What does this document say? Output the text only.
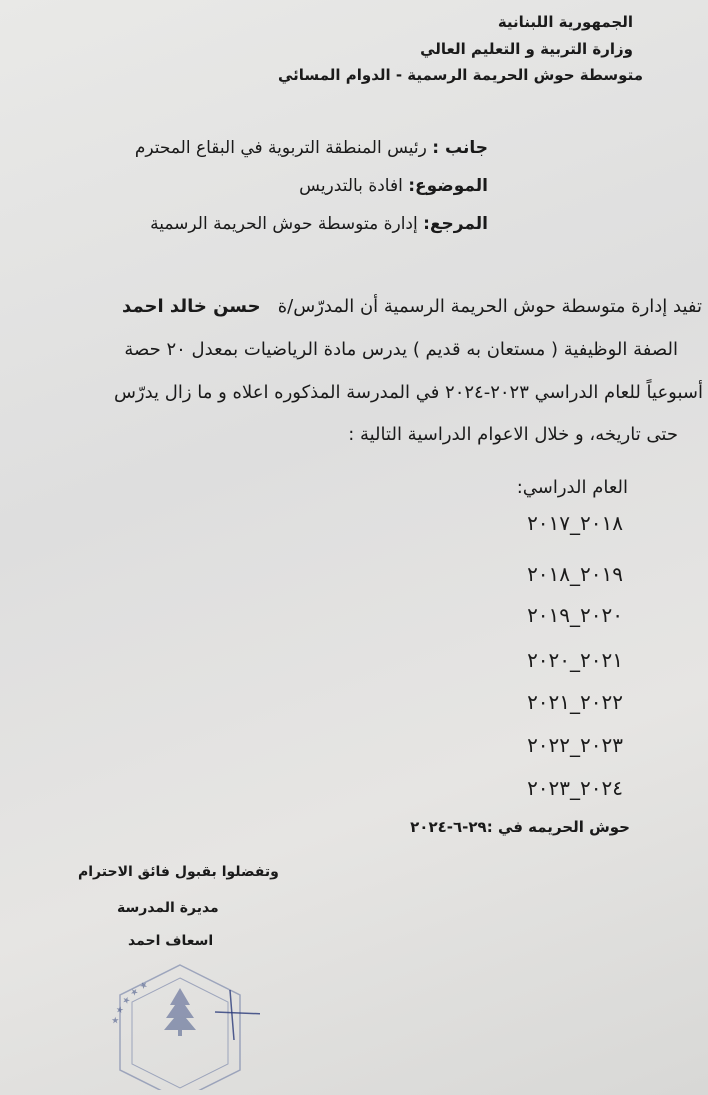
الجمهورية اللبنانية
وزارة التربية و التعليم العالي
متوسطة حوش الحريمة الرسمية - الدوام المسائي
جانب : رئيس المنطقة التربوية في البقاع المحترم
الموضوع: افادة بالتدريس
المرجع: إدارة متوسطة حوش الحريمة الرسمية
تفيد إدارة متوسطة حوش الحريمة الرسمية أن المدرّس/ة   حسن خالد احمد
الصفة الوظيفية ( مستعان به قديم ) يدرس مادة الرياضيات بمعدل ٢٠ حصة
أسبوعياً للعام الدراسي ٢٠٢٣-٢٠٢٤ في المدرسة المذكوره اعلاه و ما زال يدرّس
حتى تاريخه، و خلال الاعوام الدراسية التالية :
العام الدراسي:
٢٠١٨_٢٠١٧
٢٠١٩_٢٠١٨
٢٠٢٠_٢٠١٩
٢٠٢١_٢٠٢٠
٢٠٢٢_٢٠٢١
٢٠٢٣_٢٠٢٢
٢٠٢٤_٢٠٢٣
حوش الحريمه في :٢٩-٦-٢٠٢٤
وتفضلوا بقبول فائق الاحترام
مديرة المدرسة
اسعاف احمد
★ ★ ★ ★ ★
